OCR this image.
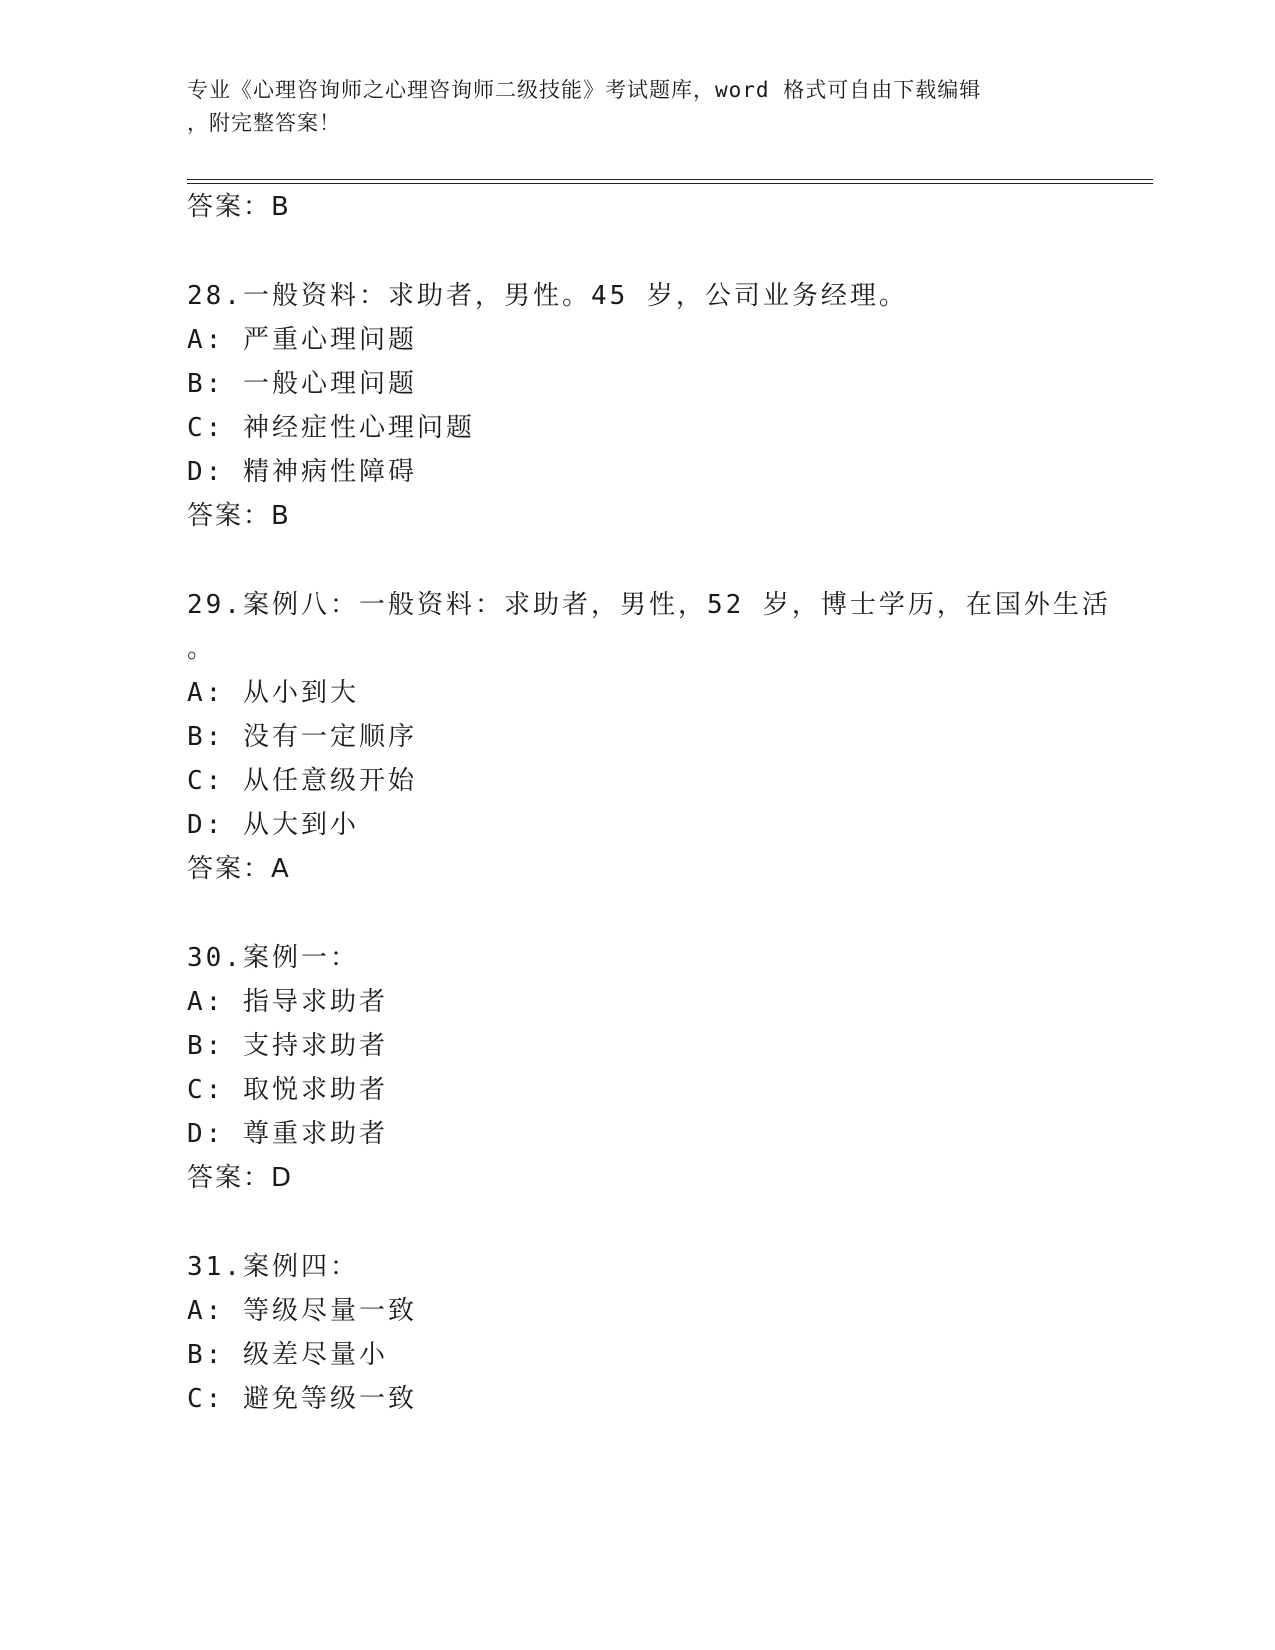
专业《心理咨询师之心理咨询师二级技能》考试题库，word 格式可自由下载编辑
，附完整答案！
答案：B
28.一般资料：求助者，男性。45 岁，公司业务经理。
A: 严重心理问题
B: 一般心理问题
C: 神经症性心理问题
D: 精神病性障碍
答案：B
29.案例八：一般资料：求助者，男性，52 岁，博士学历，在国外生活
。
A: 从小到大
B: 没有一定顺序
C: 从任意级开始
D: 从大到小
答案：A
30.案例一：
A: 指导求助者
B: 支持求助者
C: 取悦求助者
D: 尊重求助者
答案：D
31.案例四：
A: 等级尽量一致
B: 级差尽量小
C: 避免等级一致
